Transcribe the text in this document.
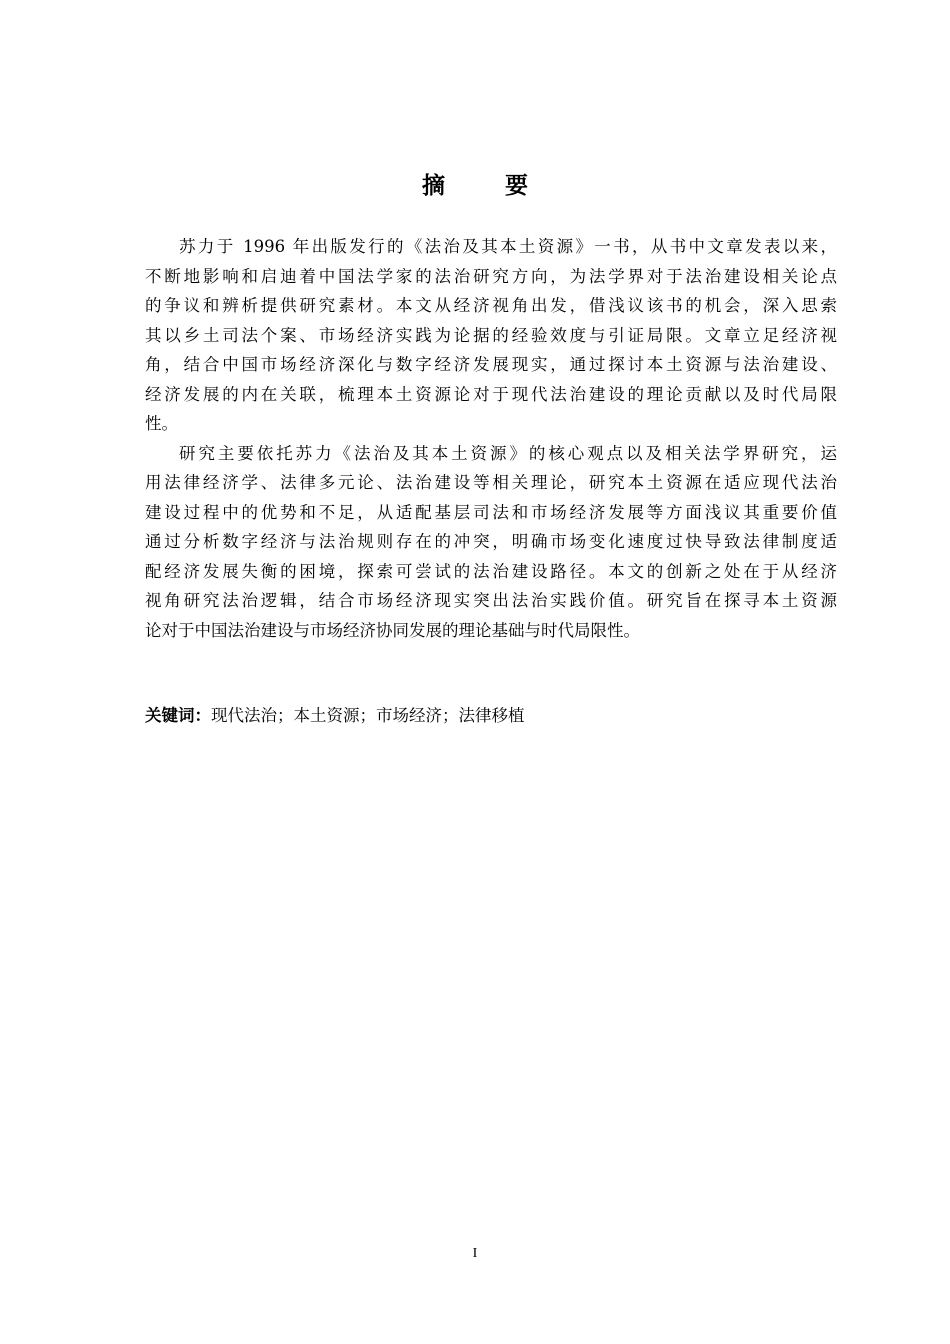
摘 要

苏力于 1996 年出版发行的《法治及其本土资源》一书，从书中文章发表以来，
不断地影响和启迪着中国法学家的法治研究方向，为法学界对于法治建设相关论点
的争议和辨析提供研究素材。本文从经济视角出发，借浅议该书的机会，深入思索
其以乡土司法个案、市场经济实践为论据的经验效度与引证局限。文章立足经济视
角，结合中国市场经济深化与数字经济发展现实，通过探讨本土资源与法治建设、
经济发展的内在关联，梳理本土资源论对于现代法治建设的理论贡献以及时代局限
性。

研究主要依托苏力《法治及其本土资源》的核心观点以及相关法学界研究，运
用法律经济学、法律多元论、法治建设等相关理论，研究本土资源在适应现代法治
建设过程中的优势和不足，从适配基层司法和市场经济发展等方面浅议其重要价值
通过分析数字经济与法治规则存在的冲突，明确市场变化速度过快导致法律制度适
配经济发展失衡的困境，探索可尝试的法治建设路径。本文的创新之处在于从经济
视角研究法治逻辑，结合市场经济现实突出法治实践价值。研究旨在探寻本土资源
论对于中国法治建设与市场经济协同发展的理论基础与时代局限性。

关键词：现代法治；本土资源；市场经济；法律移植
I
